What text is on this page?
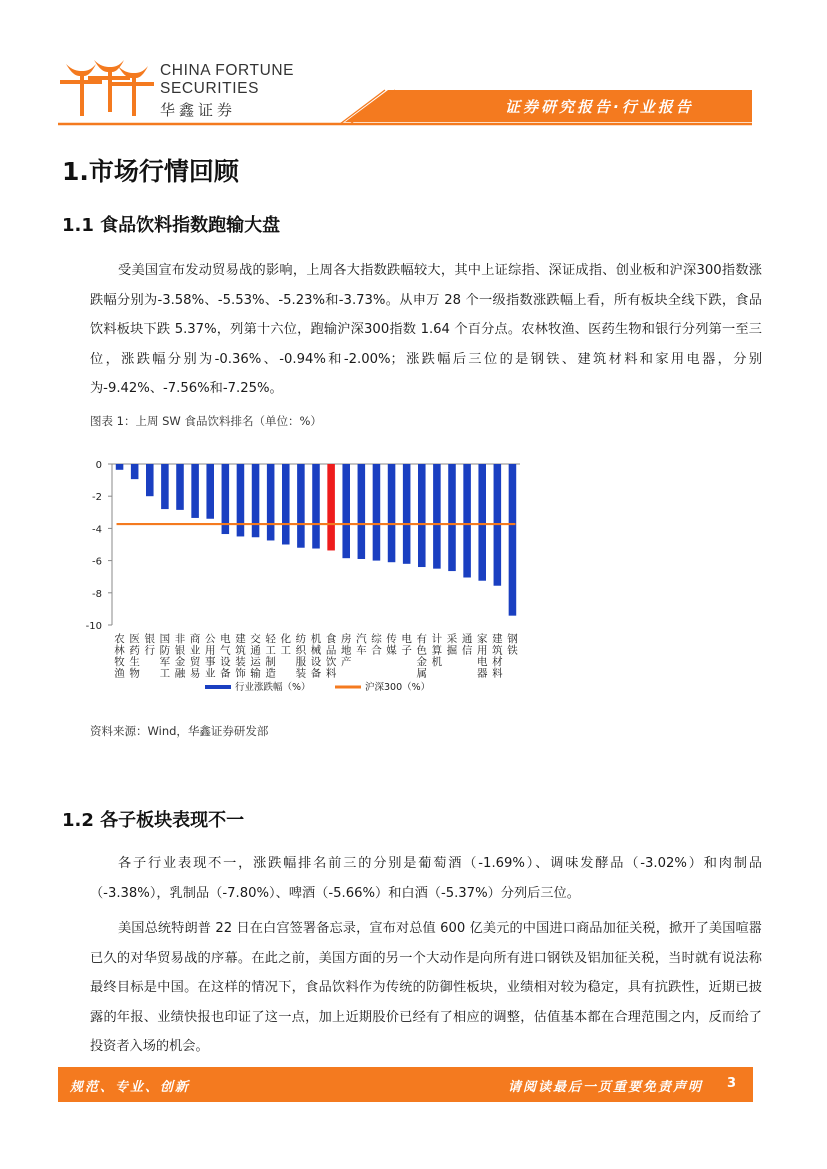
CHINA FORTUNE
SECURITIES
华鑫证券	证券研究报告·行业报告
1.市场行情回顾
1.1 食品饮料指数跑输大盘
受美国宣布发动贸易战的影响，上周各大指数跌幅较大，其中上证综指、深证成指、创业板和沪深300指数涨跌幅分别为-3.58%、-5.53%、-5.23%和-3.73%。从申万 28 个一级指数涨跌幅上看，所有板块全线下跌，食品饮料板块下跌 5.37%，列第十六位，跑输沪深300指数 1.64 个百分点。农林牧渔、医药生物和银行分列第一至三位，涨跌幅分别为-0.36%、-0.94%和-2.00%；涨跌幅后三位的是钢铁、建筑材料和家用电器，分别为-9.42%、-7.56%和-7.25%。
图表 1：上周 SW 食品饮料排名（单位：%）
0
-2
-4
-6
-8
-10
农
林
牧
渔
医
药
生
物
银
行
国
防
军
工
非
银
金
融
商
业
贸
易
公
用
事
业
电
气
设
备
建
筑
装
饰
交
通
运
输
轻
工
制
造
化
工
纺
织
服
装
机
械
设
备
食
品
饮
料
房
地
产
汽
车
综
合
传
媒
电
子
有
色
金
属
计
算
机
采
掘
通
信
家
用
电
器
建
筑
材
料
钢
铁
行业涨跌幅（%）	沪深300（%）
资料来源：Wind，华鑫证券研发部
1.2 各子板块表现不一
各子行业表现不一，涨跌幅排名前三的分别是葡萄酒（-1.69%）、调味发酵品（-3.02%）和肉制品（-3.38%），乳制品（-7.80%）、啤酒（-5.66%）和白酒（-5.37%）分列后三位。
美国总统特朗普 22 日在白宫签署备忘录，宣布对总值 600 亿美元的中国进口商品加征关税，掀开了美国喧嚣已久的对华贸易战的序幕。在此之前，美国方面的另一个大动作是向所有进口钢铁及铝加征关税，当时就有说法称最终目标是中国。在这样的情况下，食品饮料作为传统的防御性板块，业绩相对较为稳定，具有抗跌性，近期已披露的年报、业绩快报也印证了这一点，加上近期股价已经有了相应的调整，估值基本都在合理范围之内，反而给了投资者入场的机会。
规范、专业、创新	请阅读最后一页重要免责声明 3
